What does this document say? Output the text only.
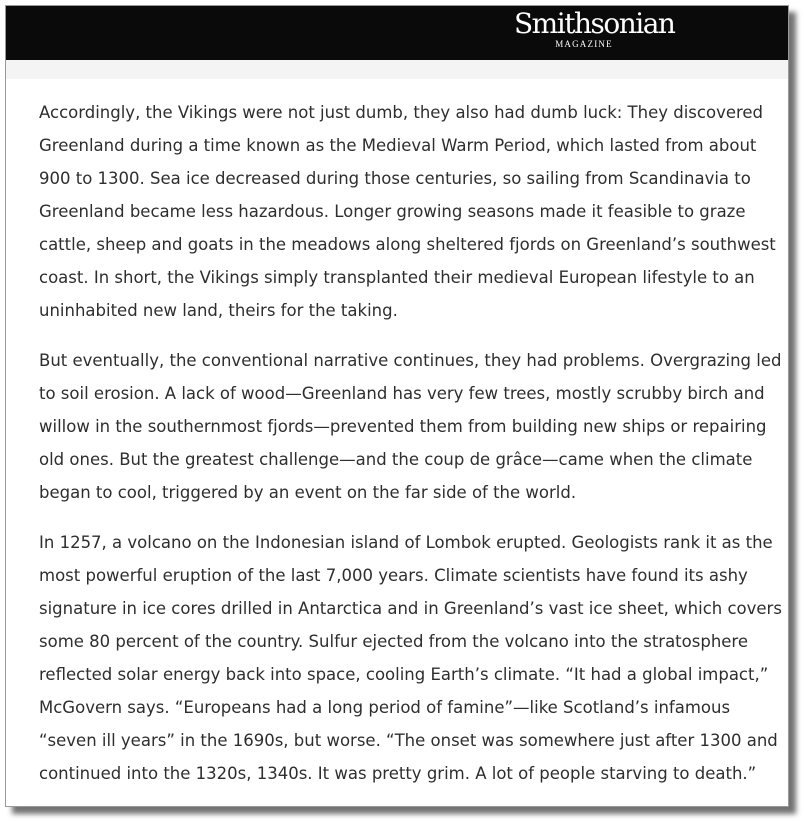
Smithsonian
MAGAZINE

Accordingly, the Vikings were not just dumb, they also had dumb luck: They discovered
Greenland during a time known as the Medieval Warm Period, which lasted from about
900 to 1300. Sea ice decreased during those centuries, so sailing from Scandinavia to
Greenland became less hazardous. Longer growing seasons made it feasible to graze
cattle, sheep and goats in the meadows along sheltered fjords on Greenland’s southwest
coast. In short, the Vikings simply transplanted their medieval European lifestyle to an
uninhabited new land, theirs for the taking.

But eventually, the conventional narrative continues, they had problems. Overgrazing led
to soil erosion. A lack of wood—Greenland has very few trees, mostly scrubby birch and
willow in the southernmost fjords—prevented them from building new ships or repairing
old ones. But the greatest challenge—and the coup de grâce—came when the climate
began to cool, triggered by an event on the far side of the world.

In 1257, a volcano on the Indonesian island of Lombok erupted. Geologists rank it as the
most powerful eruption of the last 7,000 years. Climate scientists have found its ashy
signature in ice cores drilled in Antarctica and in Greenland’s vast ice sheet, which covers
some 80 percent of the country. Sulfur ejected from the volcano into the stratosphere
reflected solar energy back into space, cooling Earth’s climate. “It had a global impact,”
McGovern says. “Europeans had a long period of famine”—like Scotland’s infamous
“seven ill years” in the 1690s, but worse. “The onset was somewhere just after 1300 and
continued into the 1320s, 1340s. It was pretty grim. A lot of people starving to death.”
